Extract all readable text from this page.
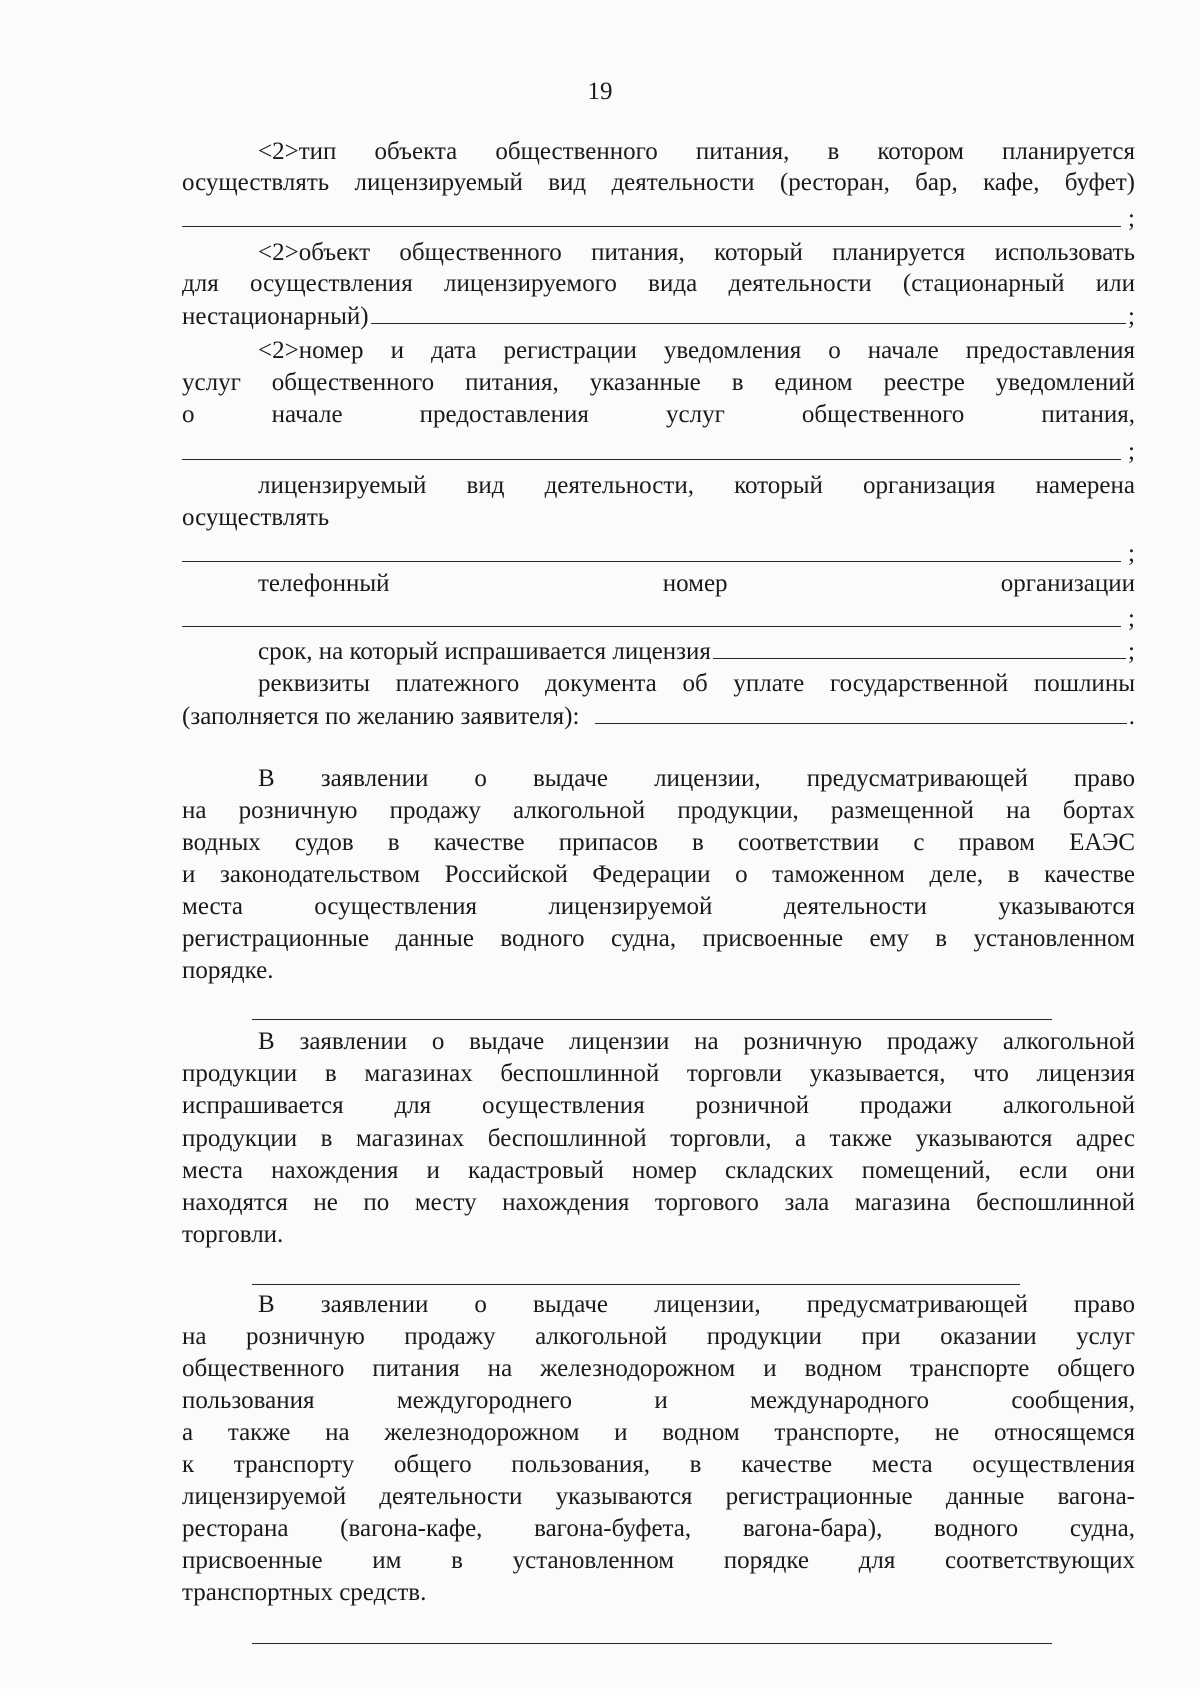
19
<2>тип объекта общественного питания, в котором планируется
осуществлять лицензируемый вид деятельности (ресторан, бар, кафе, буфет)
;
<2>объект общественного питания, который планируется использовать
для осуществления лицензируемого вида деятельности (стационарный или
нестационарный)	;
<2>номер и дата регистрации уведомления о начале предоставления
услуг общественного питания, указанные в едином реестре уведомлений
о начале предоставления услуг общественного питания,
;
лицензируемый вид деятельности, который организация намерена
осуществлять
;
телефонный номер организации
;
срок, на который испрашивается лицензия	;
реквизиты платежного документа об уплате государственной пошлины
(заполняется по желанию заявителя):	.
В заявлении о выдаче лицензии, предусматривающей право
на розничную продажу алкогольной продукции, размещенной на бортах
водных судов в качестве припасов в соответствии с правом ЕАЭС
и законодательством Российской Федерации о таможенном деле, в качестве
места осуществления лицензируемой деятельности указываются
регистрационные данные водного судна, присвоенные ему в установленном
порядке.
В заявлении о выдаче лицензии на розничную продажу алкогольной
продукции в магазинах беспошлинной торговли указывается, что лицензия
испрашивается для осуществления розничной продажи алкогольной
продукции в магазинах беспошлинной торговли, а также указываются адрес
места нахождения и кадастровый номер складских помещений, если они
находятся не по месту нахождения торгового зала магазина беспошлинной
торговли.
В заявлении о выдаче лицензии, предусматривающей право
на розничную продажу алкогольной продукции при оказании услуг
общественного питания на железнодорожном и водном транспорте общего
пользования междугороднего и международного сообщения,
а также на железнодорожном и водном транспорте, не относящемся
к транспорту общего пользования, в качестве места осуществления
лицензируемой деятельности указываются регистрационные данные вагона-
ресторана (вагона-кафе, вагона-буфета, вагона-бара), водного судна,
присвоенные им в установленном порядке для соответствующих
транспортных средств.
